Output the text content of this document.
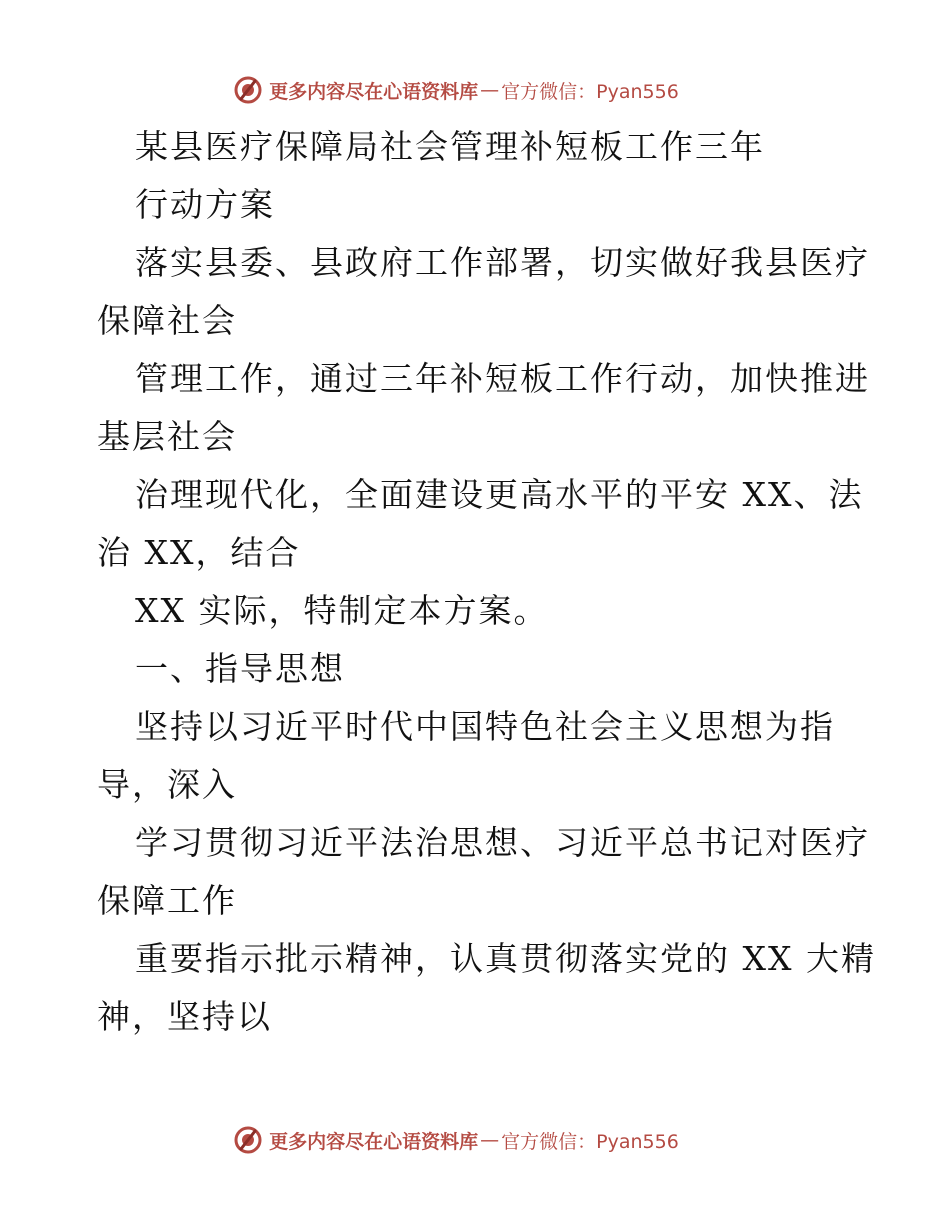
更多内容尽在心语资料库 — 官方微信：Pyan556
某县医疗保障局社会管理补短板工作三年
行动方案
落实县委、县政府工作部署，切实做好我县医疗
保障社会
管理工作，通过三年补短板工作行动，加快推进
基层社会
治理现代化，全面建设更高水平的平安 XX、法
治 XX，结合
XX 实际，特制定本方案。
一、指导思想
坚持以习近平时代中国特色社会主义思想为指
导，深入
学习贯彻习近平法治思想、习近平总书记对医疗
保障工作
重要指示批示精神，认真贯彻落实党的 XX 大精
神，坚持以
更多内容尽在心语资料库 — 官方微信：Pyan556
